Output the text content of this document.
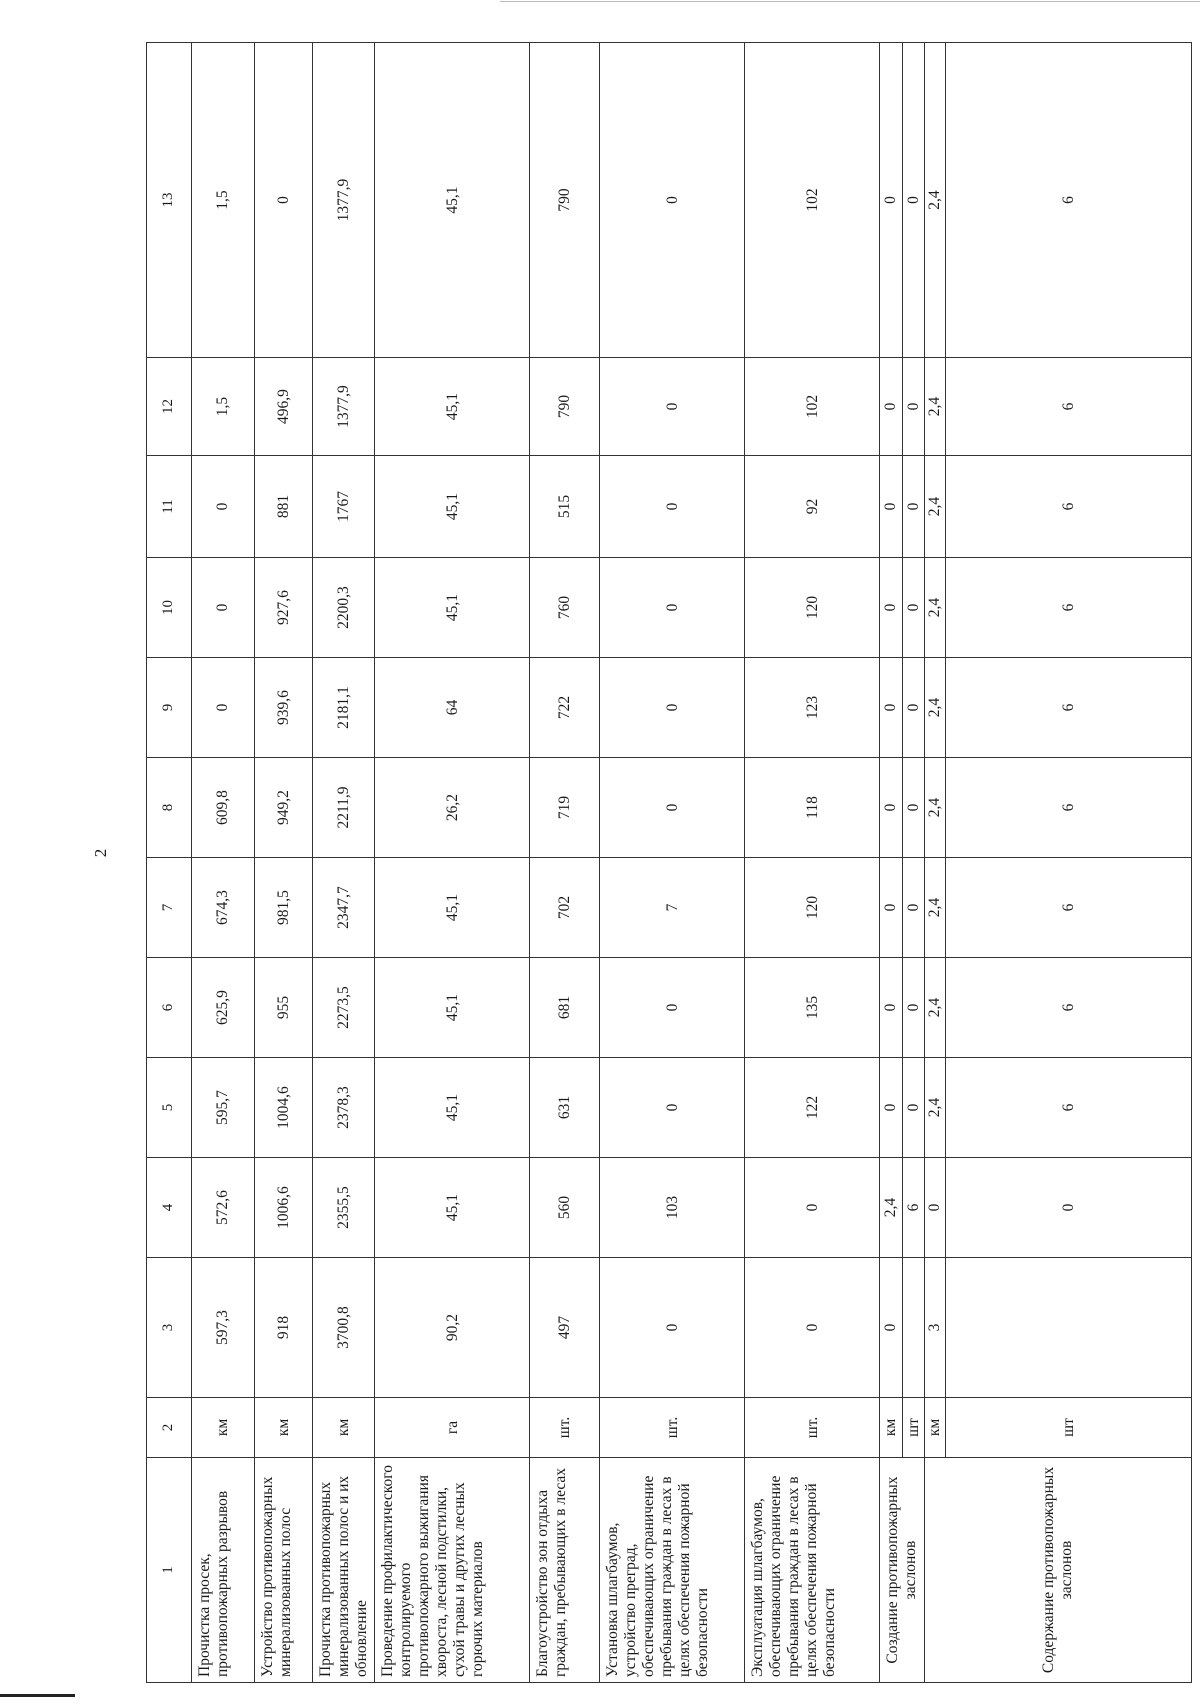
2
1	2	3	4	5	6	7	8	9	10	11	12	13
Прочистка просек, противопожарных разрывов	км	597,3	572,6	595,7	625,9	674,3	609,8	0	0	0	1,5	1,5
Устройство противопожарных минерализованных полос	км	918	1006,6	1004,6	955	981,5	949,2	939,6	927,6	881	496,9	0
Прочистка противопожарных минерализованных полос и их обновление	км	3700,8	2355,5	2378,3	2273,5	2347,7	2211,9	2181,1	2200,3	1767	1377,9	1377,9
Проведение профилактического контролируемого противопожарного выжигания хвороста, лесной подстилки, сухой травы и других лесных горючих материалов	га	90,2	45,1	45,1	45,1	45,1	26,2	64	45,1	45,1	45,1	45,1
Благоустройство зон отдыха граждан, пребывающих в лесах	шт.	497	560	631	681	702	719	722	760	515	790	790
Установка шлагбаумов, устройство преград, обеспечивающих ограничение пребывания граждан в лесах в целях обеспечения пожарной безопасности	шт.	0	103	0	0	7	0	0	0	0	0	0
Эксплуатация шлагбаумов, обеспечивающих ограничение пребывания граждан в лесах в целях обеспечения пожарной безопасности	шт.	0	0	122	135	120	118	123	120	92	102	102
Создание противопожарных заслонов	км	0	2,4	0	0	0	0	0	0	0	0	0
	шт		6	0	0	0	0	0	0	0	0	0
Содержание противопожарных заслонов	км	3	0	2,4	2,4	2,4	2,4	2,4	2,4	2,4	2,4	2,4
	шт		0	6	6	6	6	6	6	6	6	6
